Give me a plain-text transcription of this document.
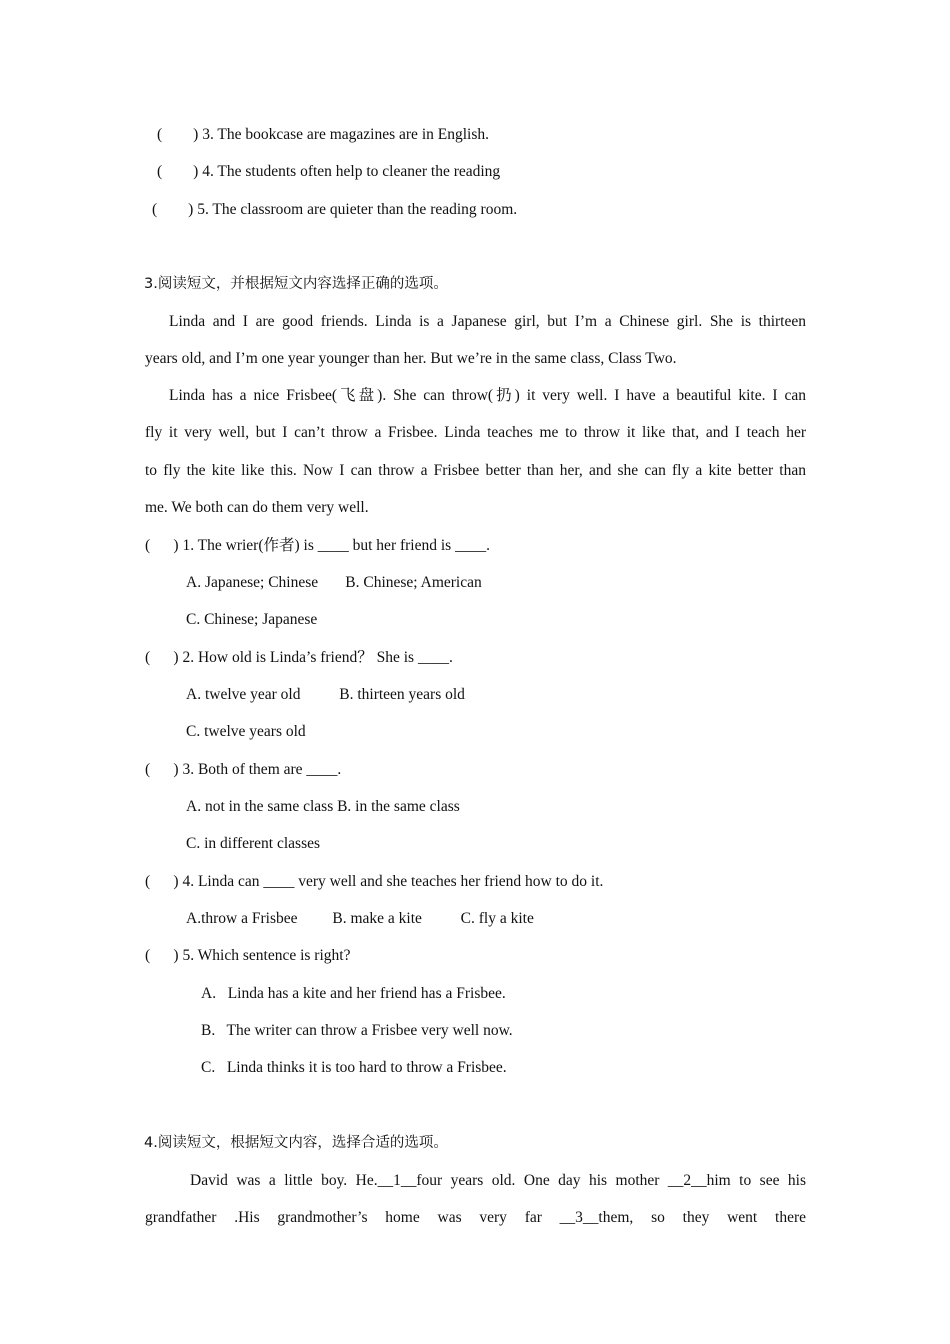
(        ) 3. The bookcase are magazines are in English.
(        ) 4. The students often help to cleaner the reading
(        ) 5. The classroom are quieter than the reading room.
3.阅读短文，并根据短文内容选择正确的选项。
Linda and I are good friends. Linda is a Japanese girl, but I’m a Chinese girl. She is thirteen
years old, and I’m one year younger than her. But we’re in the same class, Class Two.
Linda has a nice Frisbee(飞盘). She can throw(扔) it very well. I have a beautiful kite. I can
fly it very well, but I can’t throw a Frisbee. Linda teaches me to throw it like that, and I teach her
to fly the kite like this. Now I can throw a Frisbee better than her, and she can fly a kite better than
me. We both can do them very well.
(      ) 1. The wrier(作者) is ____ but her friend is ____.
A. Japanese; Chinese       B. Chinese; American
C. Chinese; Japanese
(      ) 2. How old is Linda’s friend？ She is ____.
A. twelve year old          B. thirteen years old
C. twelve years old
(      ) 3. Both of them are ____.
A. not in the same class B. in the same class
C. in different classes
(      ) 4. Linda can ____ very well and she teaches her friend how to do it.
A.throw a Frisbee         B. make a kite          C. fly a kite
(      ) 5. Which sentence is right?
A.   Linda has a kite and her friend has a Frisbee.
B.   The writer can throw a Frisbee very well now.
C.   Linda thinks it is too hard to throw a Frisbee.
4.阅读短文，根据短文内容，选择合适的选项。
David was a little boy. He.__1__four years old. One day his mother __2__him to see his
grandfather .His grandmother’s home was very far __3__them, so they went there
